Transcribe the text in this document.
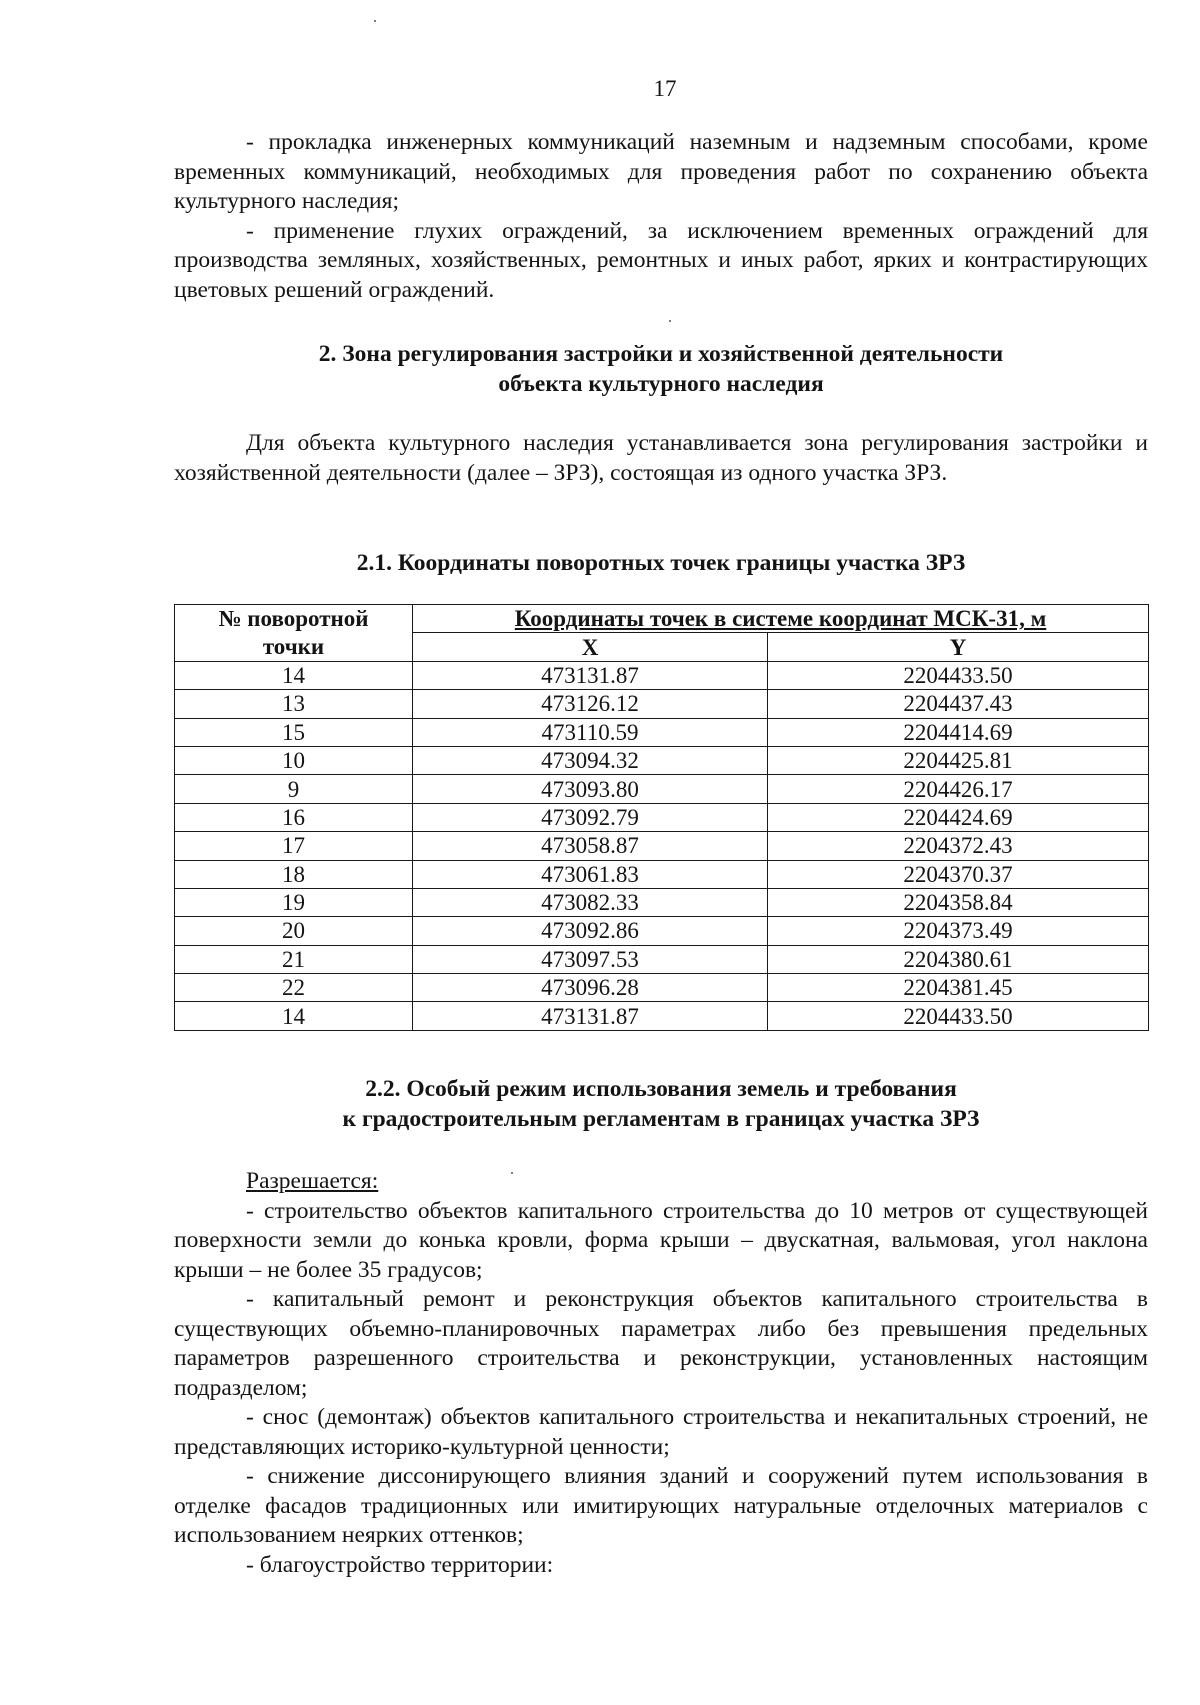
17

- прокладка инженерных коммуникаций наземным и надземным способами, кроме временных коммуникаций, необходимых для проведения работ по сохранению объекта культурного наследия;

- применение глухих ограждений, за исключением временных ограждений для производства земляных, хозяйственных, ремонтных и иных работ, ярких и контрастирующих цветовых решений ограждений.

2. Зона регулирования застройки и хозяйственной деятельности
объекта культурного наследия

Для объекта культурного наследия устанавливается зона регулирования застройки и хозяйственной деятельности (далее – ЗРЗ), состоящая из одного участка ЗРЗ.

2.1. Координаты поворотных точек границы участка ЗРЗ
№ поворотной	Координаты точек в системе координат МСК-31, м	
точки	X	Y
14	473131.87	2204433.50
13	473126.12	2204437.43
15	473110.59	2204414.69
10	473094.32	2204425.81
9	473093.80	2204426.17
16	473092.79	2204424.69
17	473058.87	2204372.43
18	473061.83	2204370.37
19	473082.33	2204358.84
20	473092.86	2204373.49
21	473097.53	2204380.61
22	473096.28	2204381.45
14	473131.87	2204433.50
2.2. Особый режим использования земель и требования
к градостроительным регламентам в границах участка ЗРЗ

Разрешается:

- строительство объектов капитального строительства до 10 метров от существующей поверхности земли до конька кровли, форма крыши – двускатная, вальмовая, угол наклона крыши – не более 35 градусов;

- капитальный ремонт и реконструкция объектов капитального строительства в существующих объемно-планировочных параметрах либо без превышения предельных параметров разрешенного строительства и реконструкции, установленных настоящим подразделом;

- снос (демонтаж) объектов капитального строительства и некапитальных строений, не представляющих историко-культурной ценности;

- снижение диссонирующего влияния зданий и сооружений путем использования в отделке фасадов традиционных или имитирующих натуральные отделочных материалов с использованием неярких оттенков;

- благоустройство территории:
